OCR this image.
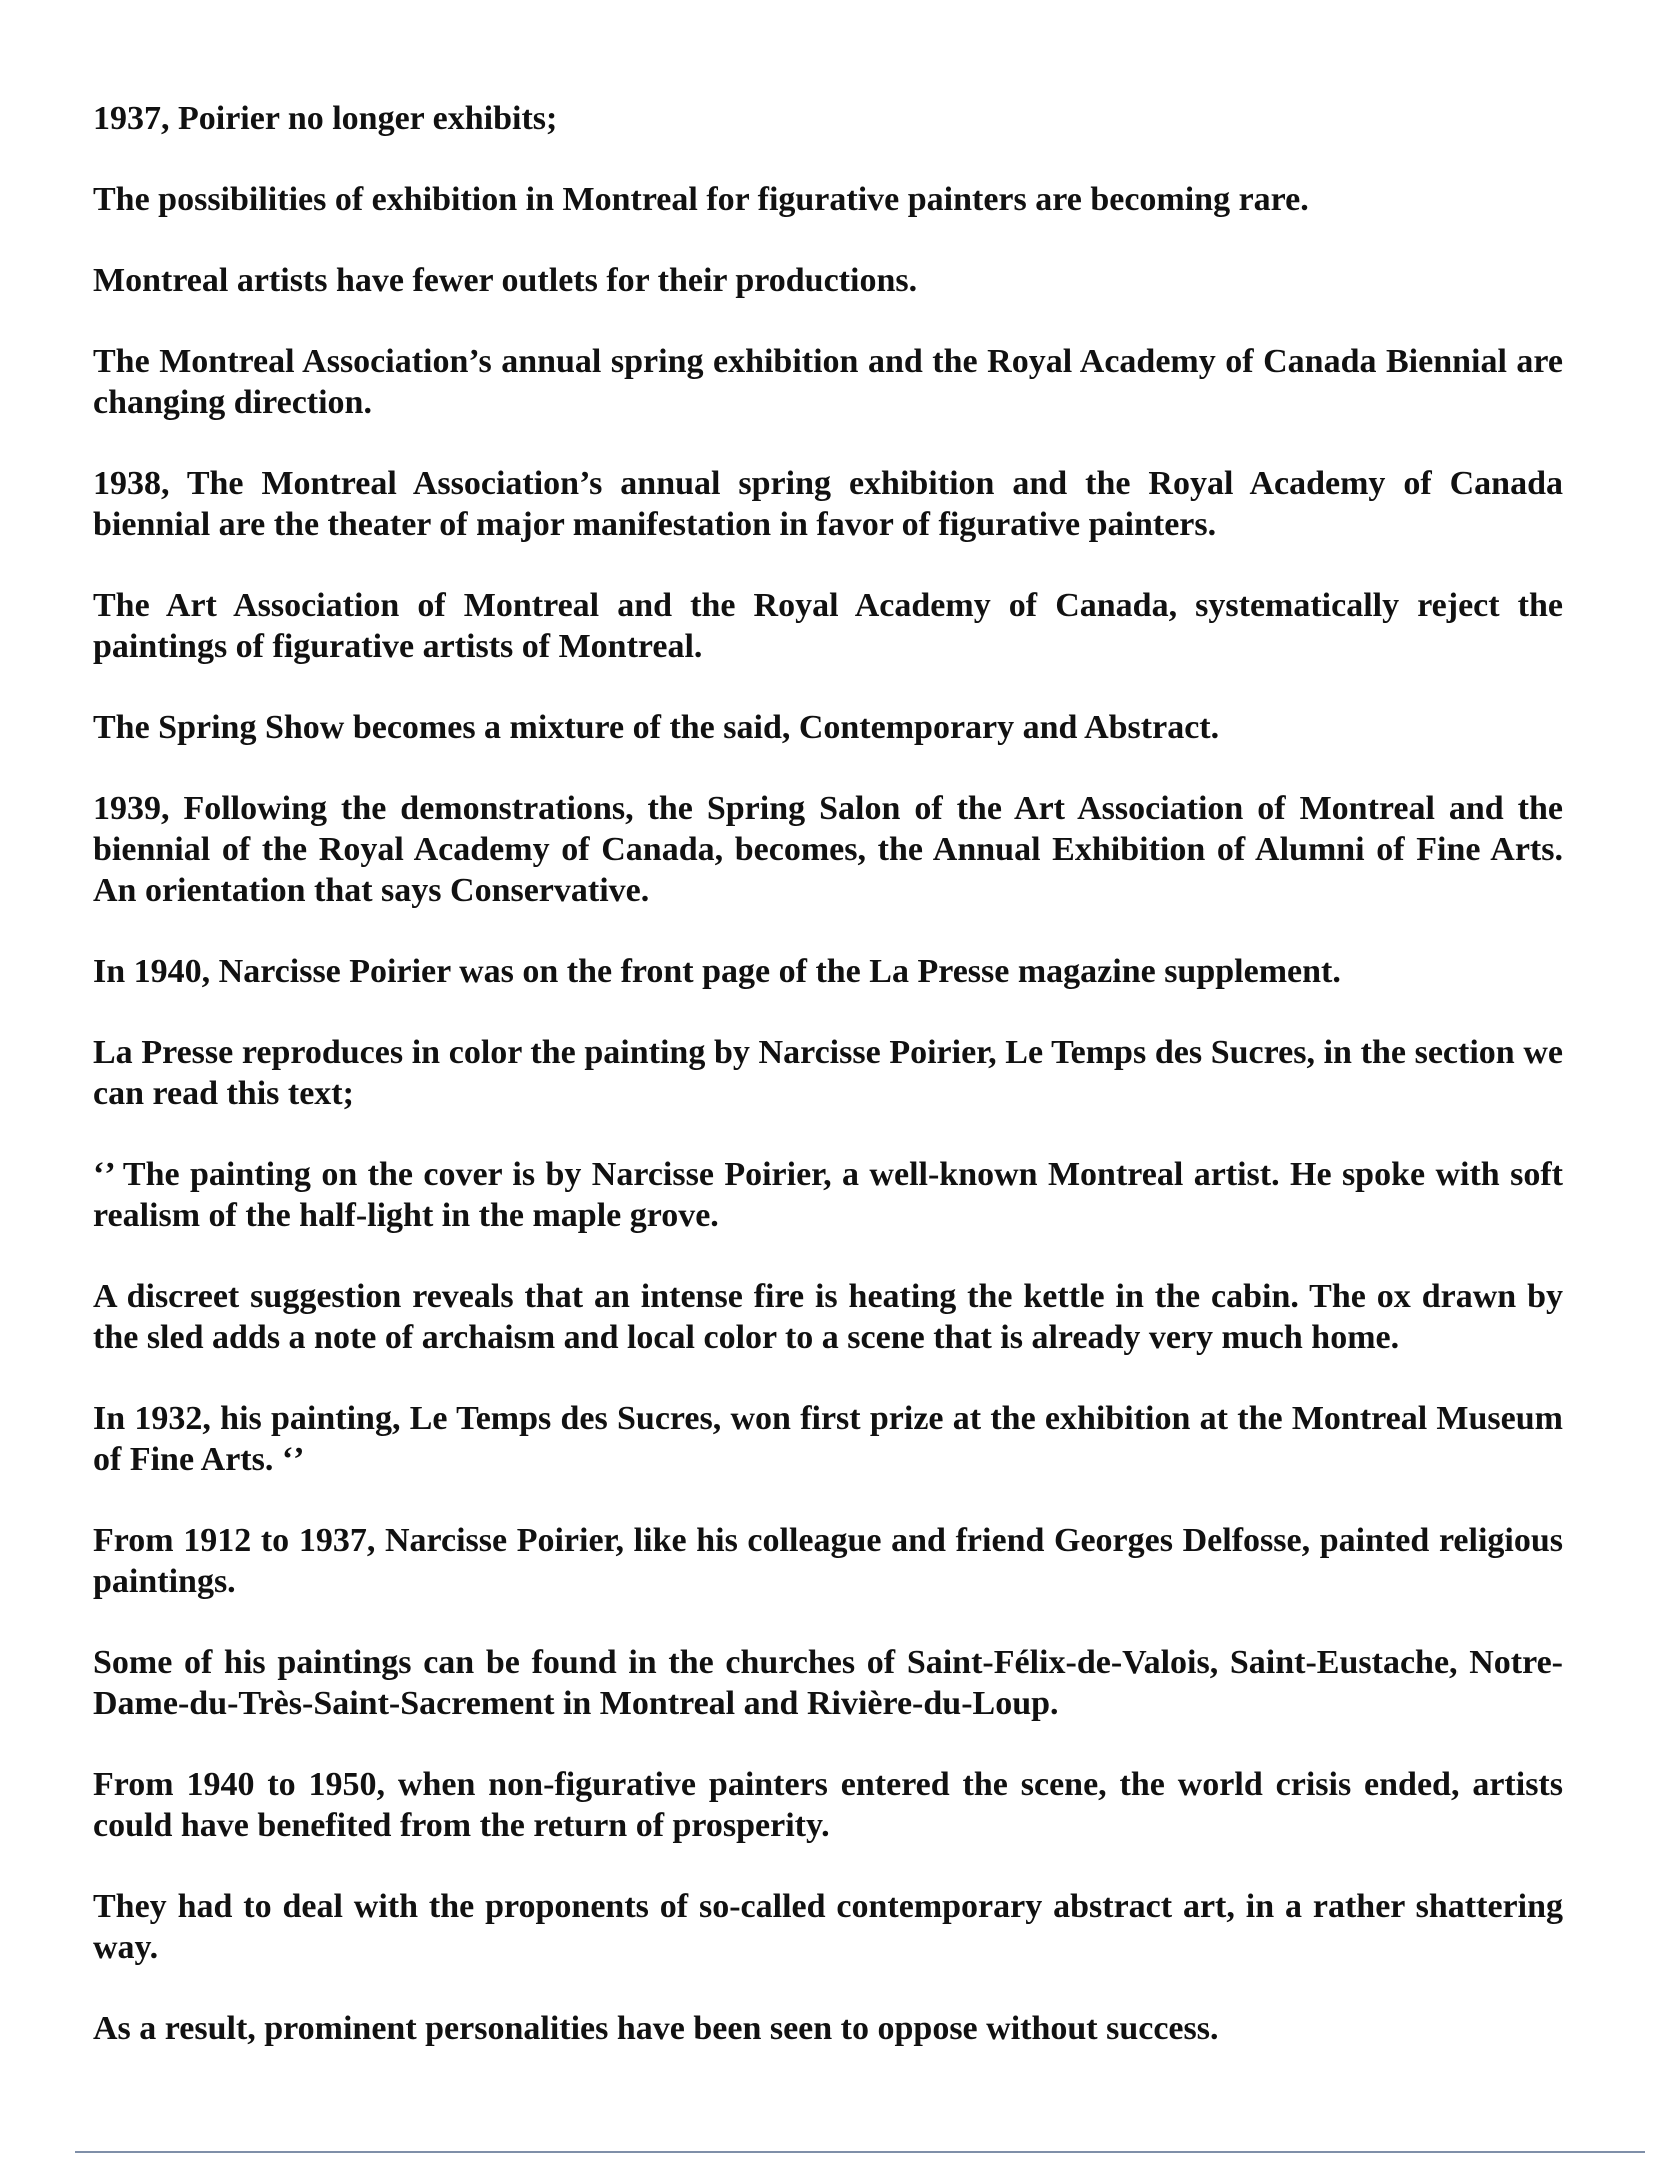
1937, Poirier no longer exhibits;

The possibilities of exhibition in Montreal for figurative painters are becoming rare.

Montreal artists have fewer outlets for their productions.

The Montreal Association’s annual spring exhibition and the Royal Academy of Canada Biennial are changing direction.

1938, The Montreal Association’s annual spring exhibition and the Royal Academy of Canada biennial are the theater of major manifestation in favor of figurative painters.

The Art Association of Montreal and the Royal Academy of Canada, systematically reject the paintings of figurative artists of Montreal.

The Spring Show becomes a mixture of the said, Contemporary and Abstract.

1939, Following the demonstrations, the Spring Salon of the Art Association of Montreal and the biennial of the Royal Academy of Canada, becomes, the Annual Exhibition of Alumni of Fine Arts. An orientation that says Conservative.

In 1940, Narcisse Poirier was on the front page of the La Presse magazine supplement.

La Presse reproduces in color the painting by Narcisse Poirier, Le Temps des Sucres, in the section we can read this text;

‘’ The painting on the cover is by Narcisse Poirier, a well-known Montreal artist. He spoke with soft realism of the half-light in the maple grove.

A discreet suggestion reveals that an intense fire is heating the kettle in the cabin. The ox drawn by the sled adds a note of archaism and local color to a scene that is already very much home.

In 1932, his painting, Le Temps des Sucres, won first prize at the exhibition at the Montreal Museum of Fine Arts. ‘’

From 1912 to 1937, Narcisse Poirier, like his colleague and friend Georges Delfosse, painted religious paintings.

Some of his paintings can be found in the churches of Saint-Félix-de-Valois, Saint-Eustache, Notre-Dame-du-Très-Saint-Sacrement in Montreal and Rivière-du-Loup.

From 1940 to 1950, when non-figurative painters entered the scene, the world crisis ended, artists could have benefited from the return of prosperity.

They had to deal with the proponents of so-called contemporary abstract art, in a rather shattering way.

As a result, prominent personalities have been seen to oppose without success.
